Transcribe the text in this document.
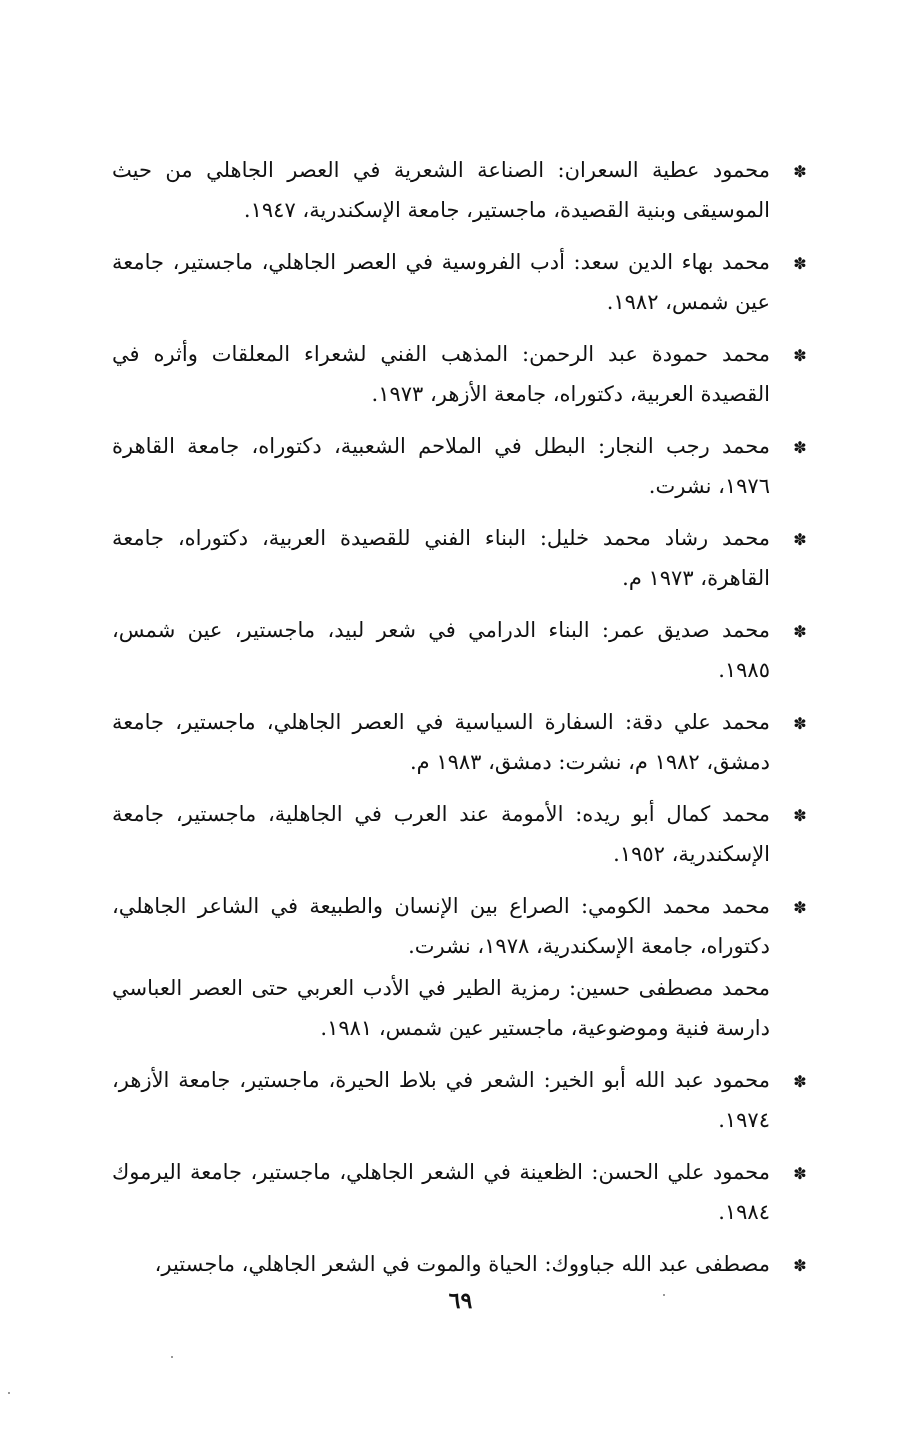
✽
محمود عطية السعران: الصناعة الشعرية في العصر الجاهلي من حيث الموسيقى وبنية القصيدة، ماجستير، جامعة الإسكندرية، ١٩٤٧.
✽
محمد بهاء الدين سعد: أدب الفروسية في العصر الجاهلي، ماجستير، جامعة عين شمس، ١٩٨٢.
✽
محمد حمودة عبد الرحمن: المذهب الفني لشعراء المعلقات وأثره في القصيدة العربية، دكتوراه، جامعة الأزهر، ١٩٧٣.
✽
محمد رجب النجار: البطل في الملاحم الشعبية، دكتوراه، جامعة القاهرة ١٩٧٦، نشرت.
✽
محمد رشاد محمد خليل: البناء الفني للقصيدة العربية، دكتوراه، جامعة القاهرة، ١٩٧٣ م.
✽
محمد صديق عمر: البناء الدرامي في شعر لبيد، ماجستير، عين شمس، ١٩٨٥.
✽
محمد علي دقة: السفارة السياسية في العصر الجاهلي، ماجستير، جامعة دمشق، ١٩٨٢ م، نشرت: دمشق، ١٩٨٣ م.
✽
محمد كمال أبو ريده: الأمومة عند العرب في الجاهلية، ماجستير، جامعة الإسكندرية، ١٩٥٢.
✽
محمد محمد الكومي: الصراع بين الإنسان والطبيعة في الشاعر الجاهلي، دكتوراه، جامعة الإسكندرية، ١٩٧٨، نشرت.
محمد مصطفى حسين: رمزية الطير في الأدب العربي حتى العصر العباسي دارسة فنية وموضوعية، ماجستير عين شمس، ١٩٨١.
✽
محمود عبد الله أبو الخير: الشعر في بلاط الحيرة، ماجستير، جامعة الأزهر، ١٩٧٤.
✽
محمود علي الحسن: الظعينة في الشعر الجاهلي، ماجستير، جامعة اليرموك ١٩٨٤.
✽
مصطفى عبد الله جباووك: الحياة والموت في الشعر الجاهلي، ماجستير،
٦٩
